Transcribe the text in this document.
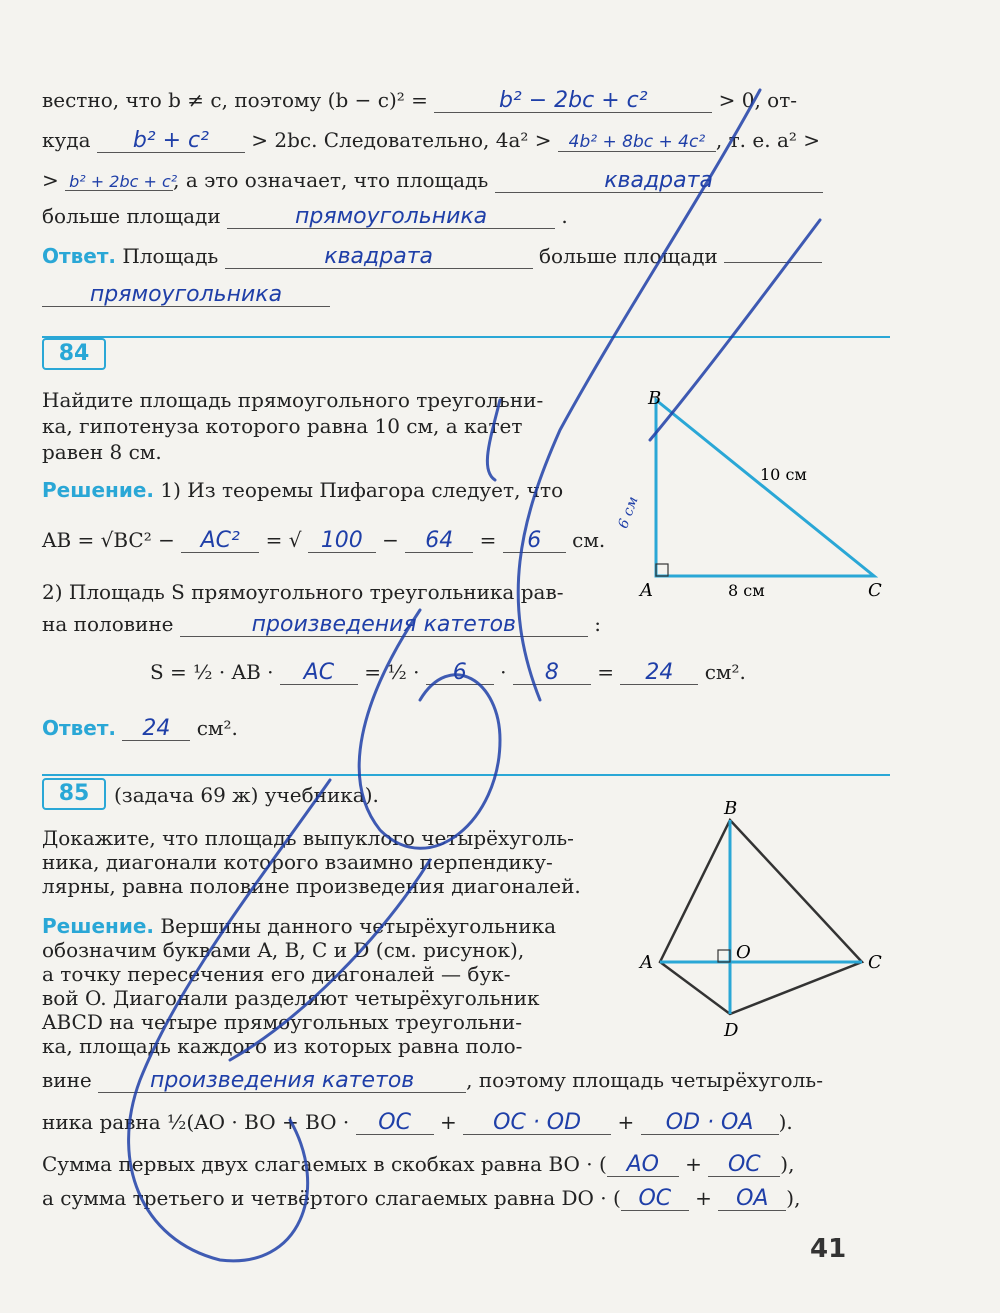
вестно, что b ≠ c, поэтому (b − c)² =	b² − 2bc + c²	> 0, от-
куда b² + c² > 2bc. Следовательно, 4a² > 4b² + 8bc + 4c² , т. е. a² >
> b² + 2bc + c², а это означает, что площадь	квадрата
больше площади	прямоугольника	.
Ответ. Площадь	квадрата	больше площади
прямоугольника
84
Найдите площадь прямоугольного треугольни-
ка, гипотенуза которого равна 10 см, а катет
равен 8 см.
Решение. 1) Из теоремы Пифагора следует, что
AB = √BC² − AC² = √ 100 − 64 = 6 см.
2) Площадь S прямоугольного треугольника рав-
на половине	произведения катетов	:
S = ½ · AB · AC = ½ · 6 · 8 = 24 см².
Ответ. 24 см².
B
A	C
10 см
8 см
6 см
85	(задача 69 ж) учебника).
Докажите, что площадь выпуклого четырёхуголь-
ника, диагонали которого взаимно перпендику-
лярны, равна половине произведения диагоналей.
Решение. Вершины данного четырёхугольника
обозначим буквами A, B, C и D (см. рисунок),
а точку пересечения его диагоналей — бук-
вой O. Диагонали разделяют четырёхугольник
ABCD на четыре прямоугольных треугольни-
ка, площадь каждого из которых равна поло-
вине	произведения катетов	, поэтому площадь четырёхуголь-
ника равна ½(AO · BO + BO · OC + OC · OD + OD · OA ).
Сумма первых двух слагаемых в скобках равна BO · ( AO + OC ),
а сумма третьего и четвёртого слагаемых равна DO · ( OC + OA ),
B
A	C
D
O
41
